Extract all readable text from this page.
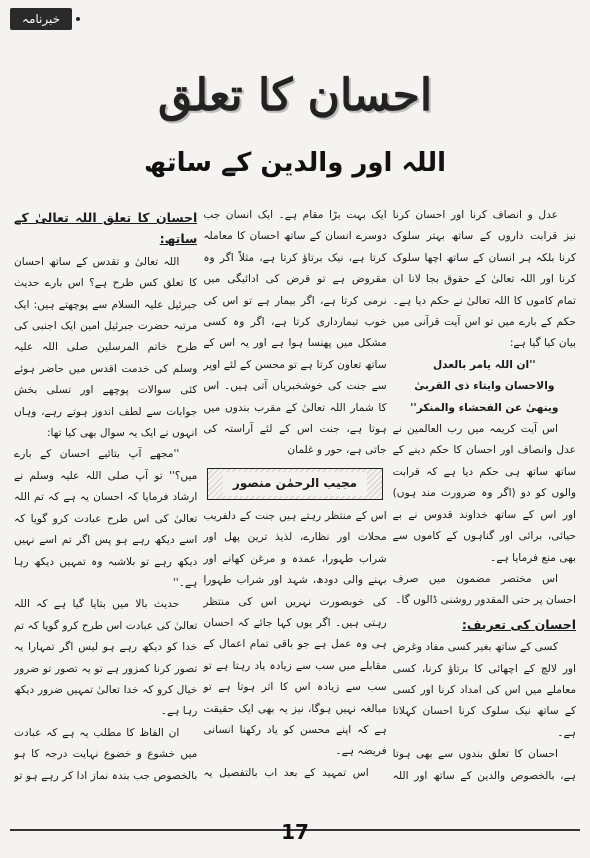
خبرنامہ
احسان کا تعلق
اللہ اور والدین کے ساتھ

عدل و انصاف کرنا اور احسان کرنا نیز قرابت داروں کے ساتھ بہتر سلوک کرنا بلکہ ہر انسان کے ساتھ اچھا سلوک کرنا اور اللہ تعالیٰ کے حقوق بجا لانا ان تمام کاموں کا اللہ تعالیٰ نے حکم دیا ہے۔ حکم کے بارے میں تو اس آیت قرآنی میں بیان کیا گیا ہے:

''ان اللہ یامر بالعدل

والاحسان وایتاء ذی القربیٰ

وینھیٰ عن الفحشاء والمنکر''

اس آیت کریمہ میں رب العالمین نے عدل وانصاف اور احسان کا حکم دینے کے ساتھ ساتھ ہی حکم دیا ہے کہ قرابت والوں کو دو (اگر وہ ضرورت مند ہوں) اور اس کے ساتھ خداوند قدوس نے بے حیائی، برائی اور گناہوں کے کاموں سے بھی منع فرمایا ہے۔

اس مختصر مضمون میں صرف احسان پر حتی المقدور روشنی ڈالوں گا۔

احسان کی تعریف:

کسی کے ساتھ بغیر کسی مفاد وغرض اور لالچ کے اچھائی کا برتاؤ کرنا، کسی معاملے میں اس کی امداد کرنا اور کسی کے ساتھ نیک سلوک کرنا احسان کہلاتا ہے۔

احسان کا تعلق بندوں سے بھی ہوتا ہے، بالخصوص والدین کے ساتھ اور اللہ

ایک بہت بڑا مقام ہے۔ ایک انسان جب دوسرے انسان کے ساتھ احسان کا معاملہ کرتا ہے، نیک برتاؤ کرتا ہے، مثلاً اگر وہ مقروض ہے تو قرض کی ادائیگی میں نرمی کرتا ہے، اگر بیمار ہے تو اس کی خوب تیمارداری کرتا ہے، اگر وہ کسی مشکل میں پھنسا ہوا ہے اور یہ اس کے ساتھ تعاون کرتا ہے تو محسن کے لئے اوپر سے جنت کی خوشخبریاں آتی ہیں۔ اس کا شمار اللہ تعالیٰ کے مقرب بندوں میں ہوتا ہے، جنت اس کے لئے آراستہ کی جاتی ہے، حور و غلمان

مجیب الرحمٰن منصور

اس کے منتظر رہتے ہیں جنت کے دلفریب محلات اور نظارے، لذیذ ترین پھل اور شراب طہورا، عمدہ و مرغن کھانے اور بہنے والی دودھ، شہد اور شراب طہورا کی خوبصورت نہریں اس کی منتظر رہتی ہیں۔ اگر یوں کہا جائے کہ احسان ہی وہ عمل ہے جو باقی تمام اعمال کے مقابلے میں سب سے زیادہ یاد رہتا ہے تو سب سے زیادہ اس کا اثر ہوتا ہے تو مبالغہ نہیں ہوگا، نیز یہ بھی ایک حقیقت ہے کہ اپنے محسن کو یاد رکھنا انسانی فریضہ ہے۔

اس تمہید کے بعد اب بالتفصیل یہ

احسان کا تعلق اللہ تعالیٰ کے ساتھ:

اللہ تعالیٰ و تقدس کے ساتھ احسان کا تعلق کس طرح ہے؟ اس بارے حدیث جبرئیل علیہ السلام سے پوچھتے ہیں: ایک مرتبہ حضرت جبرئیل امین ایک اجنبی کی طرح خاتم المرسلین صلی اللہ علیہ وسلم کی خدمت اقدس میں حاضر ہوئے کئی سوالات پوچھے اور تسلی بخش جوابات سے لطف اندوز ہوتے رہے، وہاں انہوں نے ایک یہ سوال بھی کیا تھا:

''مجھے آپ بتائیے احسان کے بارے میں؟'' تو آپ صلی اللہ علیہ وسلم نے ارشاد فرمایا کہ احسان یہ ہے کہ تم اللہ تعالیٰ کی اس طرح عبادت کرو گویا کہ اسے دیکھ رہے ہو پس اگر تم اسے نہیں دیکھ رہے تو بلاشبہ وہ تمہیں دیکھ رہا ہے۔''

حدیث بالا میں بتایا گیا ہے کہ اللہ تعالیٰ کی عبادت اس طرح کرو گویا کہ تم خدا کو دیکھ رہے ہو لیس اگر تمہارا یہ تصور کرنا کمزور ہے تو یہ تصور تو ضرور خیال کرو کہ خدا تعالیٰ تمہیں ضرور دیکھ رہا ہے۔

ان الفاظ کا مطلب یہ ہے کہ عبادت میں خشوع و خضوع نہایت درجہ کا ہو بالخصوص جب بندہ نماز ادا کر رہے ہو تو

17
